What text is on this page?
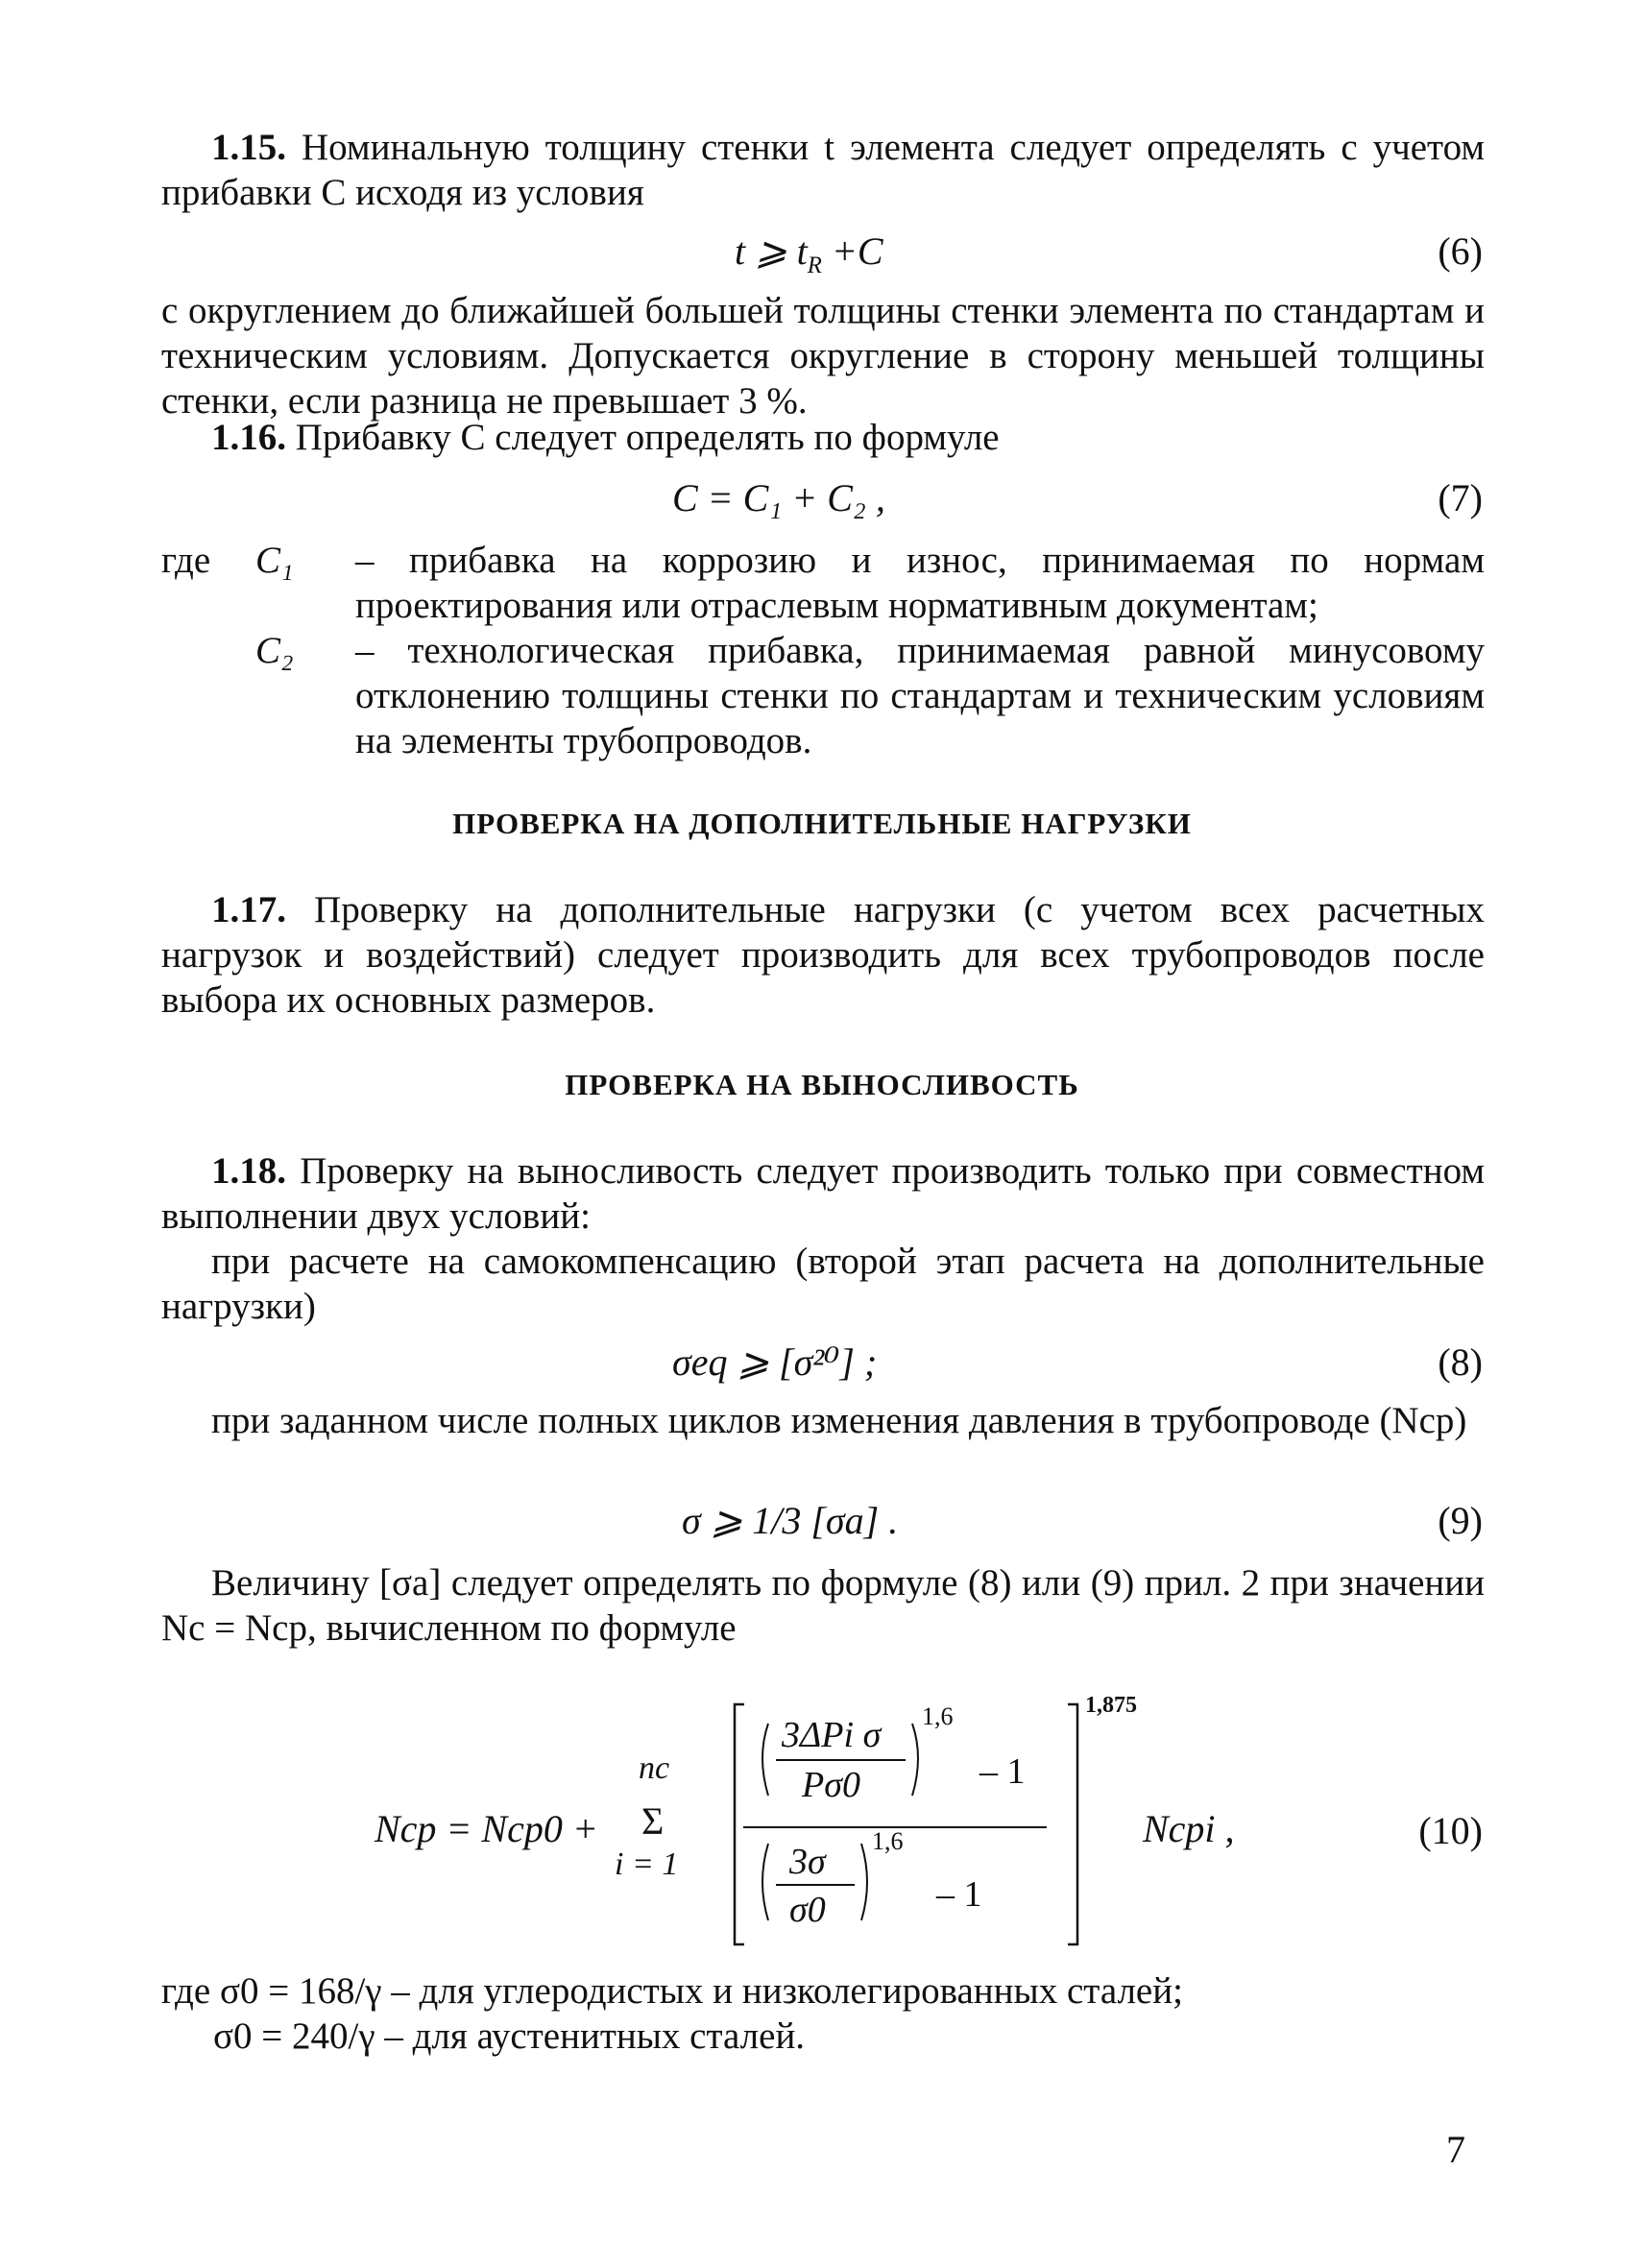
1.15. Номинальную толщину стенки t элемента следует определять с учетом прибавки C исходя из условия

t ⩾ $t_R +C$	(6)

с округлением до ближайшей большей толщины стенки элемента по стандартам и техническим условиям. Допускается округление в сторону меньшей толщины стенки, если разница не превышает 3 %.

1.16. Прибавку C следует определять по формуле

C = C₁ + C₂ ,	(7)
где C₁ – прибавка на коррозию и износ, принимаемая по нормам проектирования или отраслевым нормативным документам;
C₂ – технологическая прибавка, принимаемая равной минусовому отклонению толщины стенки по стандартам и техническим условиям на элементы трубопроводов.
ПРОВЕРКА НА ДОПОЛНИТЕЛЬНЫЕ НАГРУЗКИ

1.17. Проверку на дополнительные нагрузки (с учетом всех расчетных нагрузок и воздействий) следует производить для всех трубопроводов после выбора их основных размеров.

ПРОВЕРКА НА ВЫНОСЛИВОСТЬ

1.18. Проверку на выносливость следует производить только при совместном выполнении двух условий:

при расчете на самокомпенсацию (второй этап расчета на дополнительные нагрузки)

σeq ⩾ [σ²⁰] ;	(8)

при заданном числе полных циклов изменения давления в трубопроводе (Ncp)

σ ⩾ 1/3 [σa] .	(9)

Величину [σa] следует определять по формуле (8) или (9) прил. 2 при значении Nc = Ncp, вычисленном по формуле

Ncp = Ncp0 +
nc
Σ
i = 1
3ΔPi σ
Pσ0
1,6
– 1
3σ
σ0
1,6
– 1
1,875
Ncpi ,	(10)
где σ0 = 168/γ – для углеродистых и низколегированных сталей;
σ0 = 240/γ – для аустенитных сталей.
7
